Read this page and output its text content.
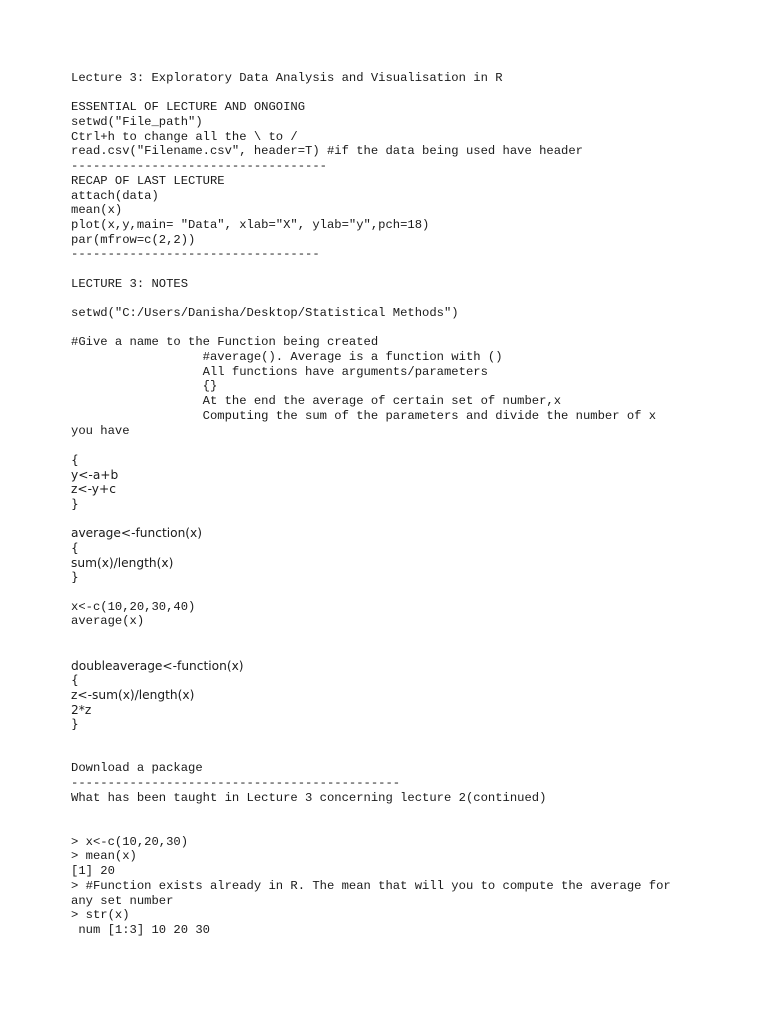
Lecture 3: Exploratory Data Analysis and Visualisation in R
ESSENTIAL OF LECTURE AND ONGOING
setwd("File_path")
Ctrl+h to change all the \ to /
read.csv("Filename.csv", header=T) #if the data being used have header
-----------------------------------
RECAP OF LAST LECTURE
attach(data)
mean(x)
plot(x,y,main= "Data", xlab="X", ylab="y",pch=18)
par(mfrow=c(2,2))
----------------------------------
LECTURE 3: NOTES
setwd("C:/Users/Danisha/Desktop/Statistical Methods")
#Give a name to the Function being created
#average(). Average is a function with ()
All functions have arguments/parameters
{}
At the end the average of certain set of number,x
Computing the sum of the parameters and divide the number of x
you have
{
y<-a+b
z<-y+c
}
average<-function(x)
{
sum(x)/length(x)
}
x<-c(10,20,30,40)
average(x)
doubleaverage<-function(x)
{
z<-sum(x)/length(x)
2*z
}
Download a package
---------------------------------------------
What has been taught in Lecture 3 concerning lecture 2(continued)
> x<-c(10,20,30)
> mean(x)
[1] 20
> #Function exists already in R. The mean that will you to compute the average for
any set number
> str(x)
num [1:3] 10 20 30
